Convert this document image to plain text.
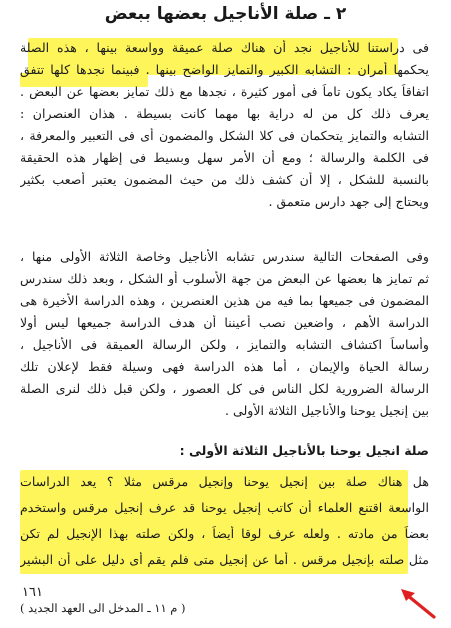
٢ ـ صلة الأناجيل بعضها ببعض
فى دراستنا للأناجيل نجد أن هناك صلة عميقة وواسعة بينها ، هذه الصلة
يحكمها أمران : التشابه الكبير والتمايز الواضح بينها . فبينما نجدها كلها تتفق
اتفاقاً يكاد يكون تاماً فى أمور كثيرة ، نجدها مع ذلك تمايز بعضها عن البعض .
يعرف ذلك كل من له دراية بها مهما كانت بسيطة . هذان العنصران :
التشابه والتمايز يتحكمان فى كلا الشكل والمضمون أى فى التعبير والمعرفة ،
فى الكلمة والرسالة ؛ ومع أن الأمر سهل وبسيط فى إظهار هذه الحقيقة
بالنسبة للشكل ، إلا أن كشف ذلك من حيث المضمون يعتبر أصعب بكثير
ويحتاج إلى جهد دارس متعمق .
وفى الصفحات التالية سندرس تشابه الأناجيل وخاصة الثلاثة الأولى منها ،
ثم تمايز ها بعضها عن البعض من جهة الأسلوب أو الشكل ، وبعد ذلك سندرس
المضمون فى جميعها بما فيه من هذين العنصرين ، وهذه الدراسة الأخيرة هى
الدراسة الأهم ، واضعين نصب أعيننا أن هدف الدراسة جميعها ليس أولا
وأساساً اكتشاف التشابه والتمايز ، ولكن الرسالة العميقة فى الأناجيل ،
رسالة الحياة والإيمان ، أما هذه الدراسة فهى وسيلة فقط لإعلان تلك
الرسالة الضرورية لكل الناس فى كل العصور ، ولكن قبل ذلك لنرى الصلة
بين إنجيل يوحنا والأناجيل الثلاثة الأولى .
صلة انجيل يوحنا بالأناجيل الثلاثة الأولى :
هل هناك صلة بين إنجيل يوحنا وإنجيل مرقس مثلا ؟ يعد الدراسات
الواسعة اقتنع العلماء أن كاتب إنجيل يوحنا قد عرف إنجيل مرقس واستخدم
بعضاً من مادته . ولعله عرف لوقا أيضاً ، ولكن صلته بهذا الإنجيل لم تكن
مثل صلته بإنجيل مرقس . أما عن إنجيل متى فلم يقم أى دليل على أن البشير
١٦١
( م ١١ ـ المدخل الى العهد الجديد )
